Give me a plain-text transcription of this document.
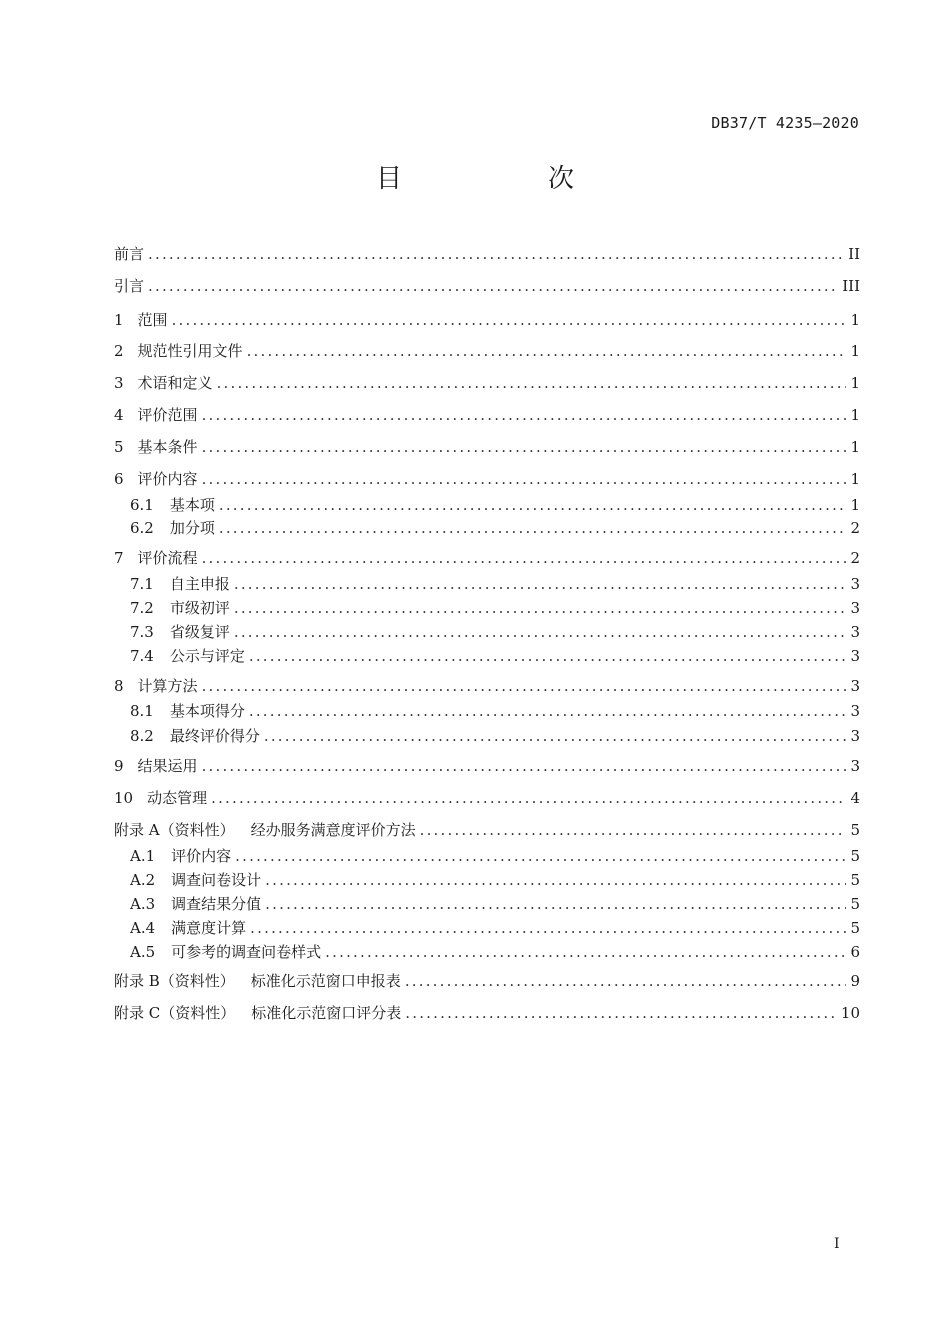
DB37/T 4235—2020
目　次
前言 .....	II
引言 .....	III
1 范围 .....	1
2 规范性引用文件 .....	1
3 术语和定义 .....	1
4 评价范围 .....	1
5 基本条件 .....	1
6 评价内容 .....	1
6.1 基本项 .....	1
6.2 加分项 .....	2
7 评价流程 .....	2
7.1 自主申报 .....	3
7.2 市级初评 .....	3
7.3 省级复评 .....	3
7.4 公示与评定 .....	3
8 计算方法 .....	3
8.1 基本项得分 .....	3
8.2 最终评价得分 .....	3
9 结果运用 .....	3
10 动态管理 .....	4
附录 A（资料性） 经办服务满意度评价方法 .....	5
A.1 评价内容 .....	5
A.2 调查问卷设计 .....	5
A.3 调查结果分值 .....	5
A.4 满意度计算 .....	5
A.5 可参考的调查问卷样式 .....	6
附录 B（资料性） 标准化示范窗口申报表 .....	9
附录 C（资料性） 标准化示范窗口评分表 .....	10
I
